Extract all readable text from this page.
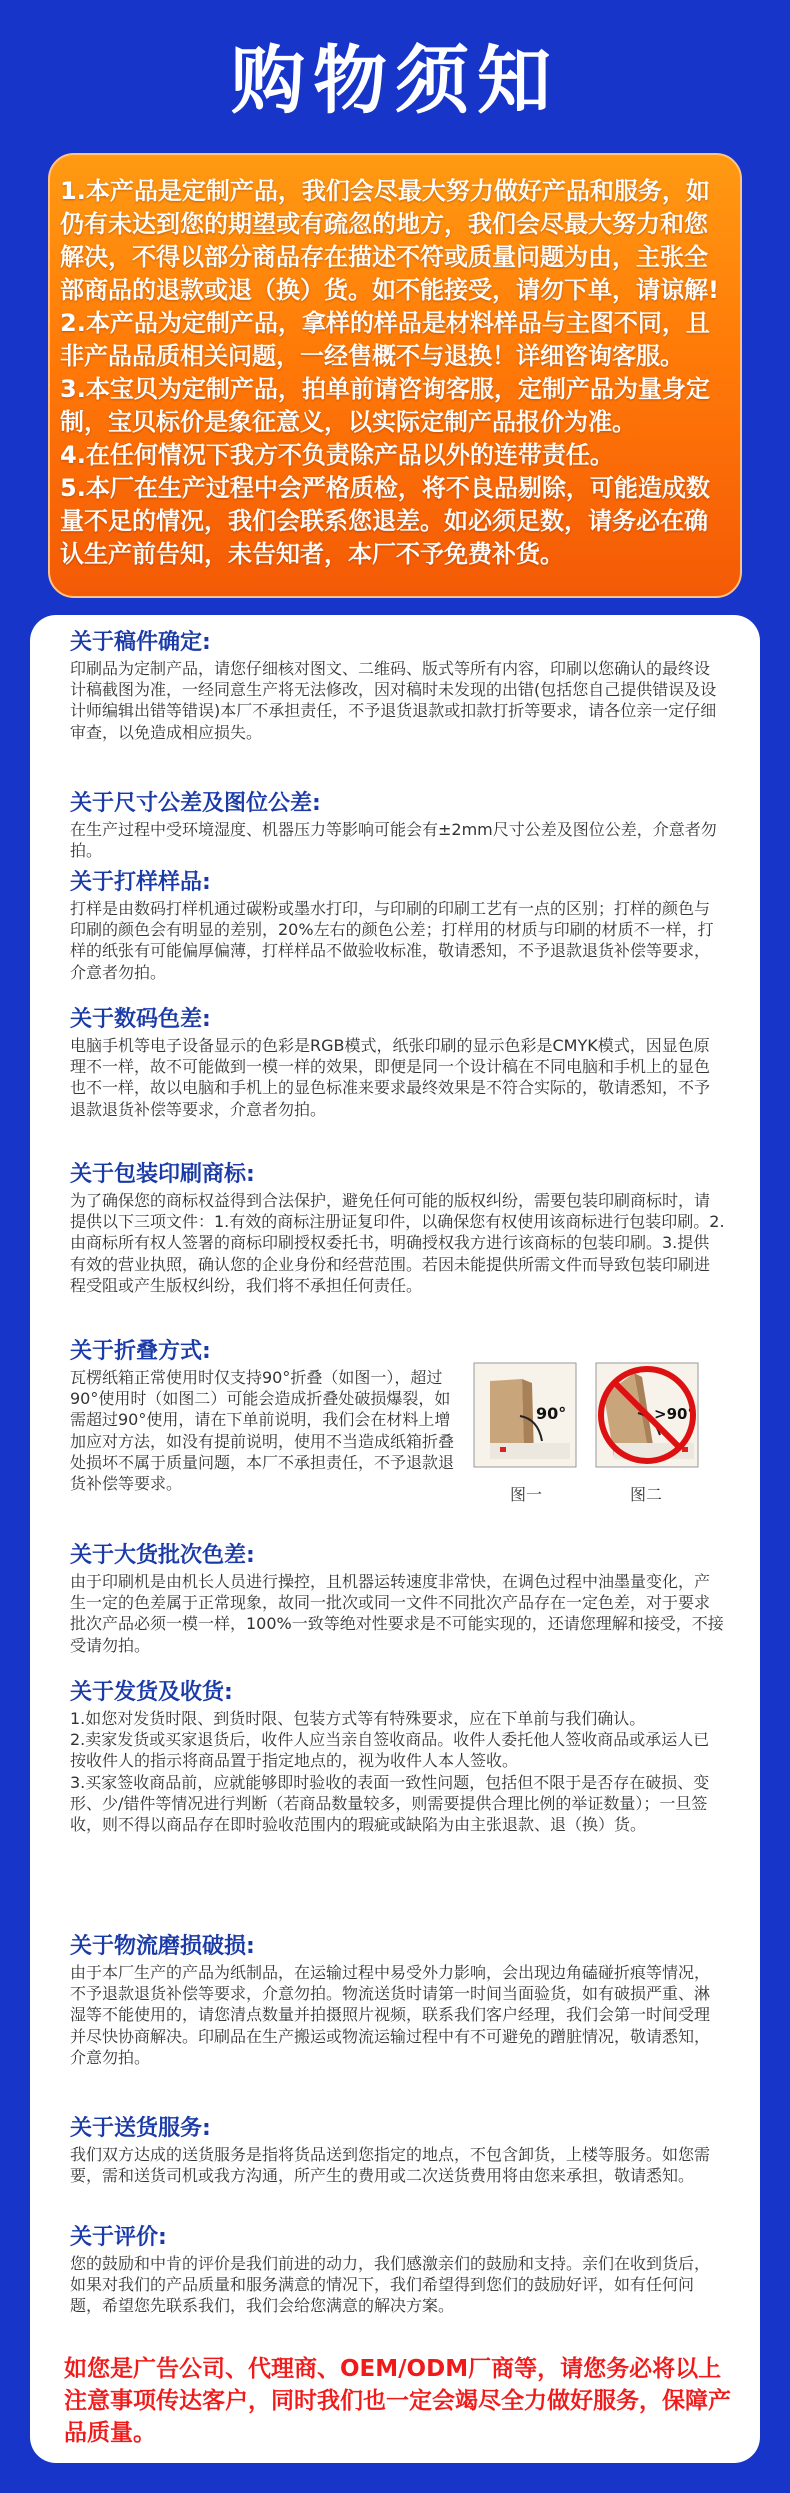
购物须知

1.本产品是定制产品，我们会尽最大努力做好产品和服务，如仍有未达到您的期望或有疏忽的地方，我们会尽最大努力和您解决，不得以部分商品存在描述不符或质量问题为由，主张全部商品的退款或退（换）货。如不能接受，请勿下单，请谅解!

2.本产品为定制产品，拿样的样品是材料样品与主图不同，且非产品品质相关问题，一经售概不与退换！详细咨询客服。

3.本宝贝为定制产品，拍单前请咨询客服，定制产品为量身定制，宝贝标价是象征意义，以实际定制产品报价为准。

4.在任何情况下我方不负责除产品以外的连带责任。

5.本厂在生产过程中会严格质检，将不良品剔除，可能造成数量不足的情况，我们会联系您退差。如必须足数，请务必在确认生产前告知，未告知者，本厂不予免费补货。

关于稿件确定:

印刷品为定制产品，请您仔细核对图文、二维码、版式等所有内容，印刷以您确认的最终设计稿截图为准，一经同意生产将无法修改，因对稿时未发现的出错(包括您自己提供错误及设计师编辑出错等错误)本厂不承担责任，不予退货退款或扣款打折等要求，请各位亲一定仔细审查，以免造成相应损失。

关于尺寸公差及图位公差:

在生产过程中受环境湿度、机器压力等影响可能会有±2mm尺寸公差及图位公差，介意者勿拍。

关于打样样品:

打样是由数码打样机通过碳粉或墨水打印，与印刷的印刷工艺有一点的区别；打样的颜色与印刷的颜色会有明显的差别，20%左右的颜色公差；打样用的材质与印刷的材质不一样，打样的纸张有可能偏厚偏薄，打样样品不做验收标准，敬请悉知，不予退款退货补偿等要求，介意者勿拍。

关于数码色差:

电脑手机等电子设备显示的色彩是RGB模式，纸张印刷的显示色彩是CMYK模式，因显色原理不一样，故不可能做到一模一样的效果，即便是同一个设计稿在不同电脑和手机上的显色也不一样，故以电脑和手机上的显色标准来要求最终效果是不符合实际的，敬请悉知，不予退款退货补偿等要求，介意者勿拍。

关于包装印刷商标:

为了确保您的商标权益得到合法保护，避免任何可能的版权纠纷，需要包装印刷商标时，请提供以下三项文件：1.有效的商标注册证复印件，以确保您有权使用该商标进行包装印刷。2.由商标所有权人签署的商标印刷授权委托书，明确授权我方进行该商标的包装印刷。3.提供有效的营业执照，确认您的企业身份和经营范围。若因未能提供所需文件而导致包装印刷进程受阻或产生版权纠纷，我们将不承担任何责任。

关于折叠方式:

瓦楞纸箱正常使用时仅支持90°折叠（如图一），超过90°使用时（如图二）可能会造成折叠处破损爆裂，如需超过90°使用，请在下单前说明，我们会在材料上增加应对方法，如没有提前说明，使用不当造成纸箱折叠处损坏不属于质量问题，本厂不承担责任，不予退款退货补偿等要求。

90°	>90°
图一	图二
关于大货批次色差:

由于印刷机是由机长人员进行操控，且机器运转速度非常快，在调色过程中油墨量变化，产生一定的色差属于正常现象，故同一批次或同一文件不同批次产品存在一定色差，对于要求批次产品必须一模一样，100%一致等绝对性要求是不可能实现的，还请您理解和接受，不接受请勿拍。

关于发货及收货:

1.如您对发货时限、到货时限、包装方式等有特殊要求，应在下单前与我们确认。

2.卖家发货或买家退货后，收件人应当亲自签收商品。收件人委托他人签收商品或承运人已按收件人的指示将商品置于指定地点的，视为收件人本人签收。

3.买家签收商品前，应就能够即时验收的表面一致性问题，包括但不限于是否存在破损、变形、少/错件等情况进行判断（若商品数量较多，则需要提供合理比例的举证数量）；一旦签收，则不得以商品存在即时验收范围内的瑕疵或缺陷为由主张退款、退（换）货。

关于物流磨损破损:

由于本厂生产的产品为纸制品，在运输过程中易受外力影响，会出现边角磕碰折痕等情况，不予退款退货补偿等要求，介意勿拍。物流送货时请第一时间当面验货，如有破损严重、淋湿等不能使用的，请您清点数量并拍摄照片视频，联系我们客户经理，我们会第一时间受理并尽快协商解决。印刷品在生产搬运或物流运输过程中有不可避免的蹭脏情况，敬请悉知，介意勿拍。

关于送货服务:

我们双方达成的送货服务是指将货品送到您指定的地点，不包含卸货，上楼等服务。如您需要，需和送货司机或我方沟通，所产生的费用或二次送货费用将由您来承担，敬请悉知。

关于评价:

您的鼓励和中肯的评价是我们前进的动力，我们感激亲们的鼓励和支持。亲们在收到货后，如果对我们的产品质量和服务满意的情况下，我们希望得到您们的鼓励好评，如有任何问题，希望您先联系我们，我们会给您满意的解决方案。

如您是广告公司、代理商、OEM/ODM厂商等，请您务必将以上注意事项传达客户，同时我们也一定会竭尽全力做好服务，保障产品质量。
